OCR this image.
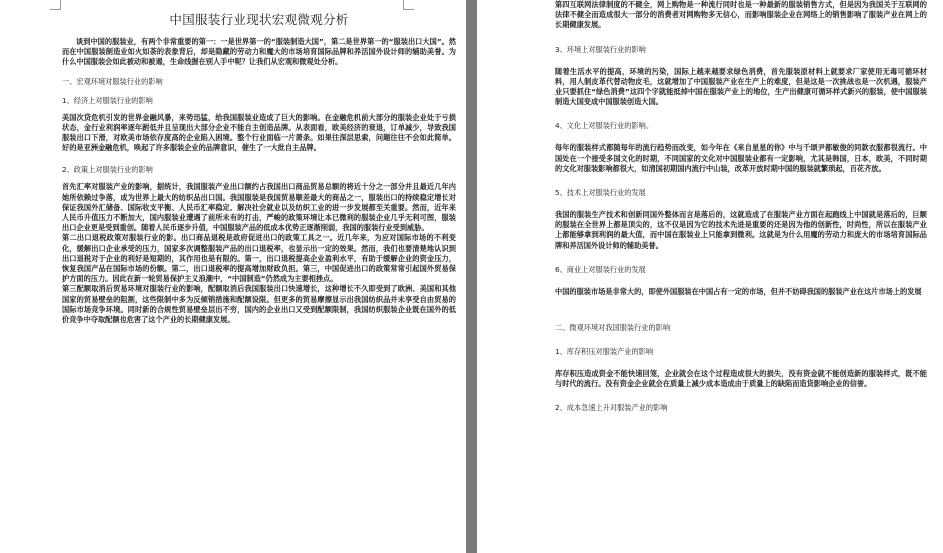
中国服装行业现状宏观微观分析

谈到中国的服装业，有两个非常重要的第一：一是世界第一的“服装制造大国”，第二是世界第一的“服装出口大国”。然而在中国服装制造业如火如荼的表象背后，却是隐藏的劳动力和魔大的市场培育国际品牌和养活国外设计师的辅助美誉。为什么中国服装会如此被动和被遏，生命线握在别人手中呢？让我们从宏观和微观处分析。

一、宏观环境对服装行业的影响
1、经济上对服装行业的影响

美国次贷危机引发的世界金融风暴，来势迅猛，给我国服装业造成了巨大的影响。在金融危机前大部分的服装企业处于亏损状态，金行业利润率逐年跗低并且呈现出大部分企业不能自主创造品牌。从表面看，欧美经济的衰退，订单减少，导致我国服装出口下滑，对欧美市场依存度高的企业陷入困境。整个行业面临一片萧条。如果往深层思索，问题往往不会如此简单。好的是亚洲金融危机，唤起了许多服装企业的品牌意识，催生了一大批自主品牌。

2、政策上对服装行业的影响

首先汇率对服装产业的影响，据统计，我国服装产业出口额约占我国出口商品贸易总额的将近十分之一部分并且最近几年内她所依赖过争落，成为世界上最大的纺织品出口国。我国服装是我国贸易顺差最大的商品之一，服装出口的持续稳定增长对保证我国外汇储备、国际收支平衡、人民币汇率稳定、解决社会就业以及纺织工业的进一步发展都至关重要。然而，近年来人民币升值压力不断加大，国内服装业遭遇了前所未有的打击，严峻的政策环境让本已微利的服装企业几乎无利可图，服装出口企业更是受到重创。随着人民币逐步升值，中国服装产品的低成本优势正逐渐削弱，我国的服装行业受到威胁。

第二出口退税政策对服装行业的影。出口商品退税是政府促进出口的政策工具之一。近几年来，为应对国际市场的不利变化，缓解出口企业承受的压力，国家多次调整服装产品的出口退税率，也显示出一定的效果。然而，我们也要清楚地认识到出口退税对于企业的利好是短期的，其作用也是有限的。第一，出口退税提高企业盈利水平，有助于缓解企业的资金压力，恢复我国产品在国际市场的份额。第二，出口退税率的提高增加财政负担。第三，中国促进出口的政策常常引起国外贸易保护方面的压力。因此在新一轮贸易保护主义浪潮中，“中国制造”仍然成为主要相挫点。

第三配额取消后贸易环境对服装行业的影响，配额取消后我国服装出口快速增长，这种增长不久即受到了欧洲、美国和其他国家的贸易壁垒的阻割，这些限制中多为反倾销措施和配额设限。但更多的贸易摩擦显示出我国纺织品并未享受自由贸易的国际市场竞争环境。同时新的合规性贸易壁垒层出不穷，国内的企业出口又受到配额限制，我国纺织服装企业既在国外的低价竞争中夺取配额也危害了这个产业的长期健康发展。

第四互联网法律制度的不健全，网上购物是一种流行同时也是一种最新的服装销售方式，但是因为我国关于互联网的法律不健全而造成很大一部分的消费者对网购物多无信心，而影响服装企业在网络上的销售影响了服装产业在网上的长期健康发展。

3、环境上对服装行业的影响

随着生活水平的提高，环境的污染，国际上越来越要求绿色消费，首先服装原材料上就要求厂家使用无毒可循环材料，用人制皮革代替动物皮毛，这就增加了中国服装产业在生产上的难度，但是这是一次挑战也是一次机遇，服装产业只要抓住“绿色消费”这四个字就能抵掉中国在服装产业上的地位，生产出健康可循环样式新兴的服装，使中国服装制造大国变成中国服装创造大国。

4、文化上对服装行业的影响。

每年的服装样式都随每年的流行趋势而改变，如今年在《来自星星的你》中与千颂尹都敏俊的同款衣服都很流行。中国处在一个接受多国文化的时期，不同国家的文化对中国服装业都有一定影响，尤其是韩国，日本，欧美，不同时期的文化对服装影响都很大，如清国初期国内流行中山装，改革开放时期中国的服装就繁琐起，百花齐放。

5、技术上对服装行业的发展

我国的服装生产技术和创新同国外整体而言是落后的，这就造成了在服装产业方面在起跑线上中国就是落后的，巨额的服装在全世界上都是顶尖的，这不仅是因为它的技术先进是重要的还是因为他的创新性，时尚性，所以在服装产业上都能够拿到利润的最大值，而中国在服装业上只能拿到微利。这就是为什么用魔的劳动力和庞大的市场培育国际品牌和养活国外设计师的辅助美誉。

6、商业上对服装行业的发展

中国的服装市场是非常大的，即使外国服装在中国占有一定的市场，但并不妨碍我国的服装产业在这片市场上的发展

二、微观环境对我国服装行业的影响
1、库存积压对服装产业的影响

库存积压造成资金不能快速回笼，企业就会在这个过程造成很大的损失，没有资金就不能创造新的服装样式，既不能与时代的流行。没有资金企业就会在质量上减少成本造成由于质量上的缺陷而造货影响企业的信誉。

2、成本急速上升对服装产业的影响
